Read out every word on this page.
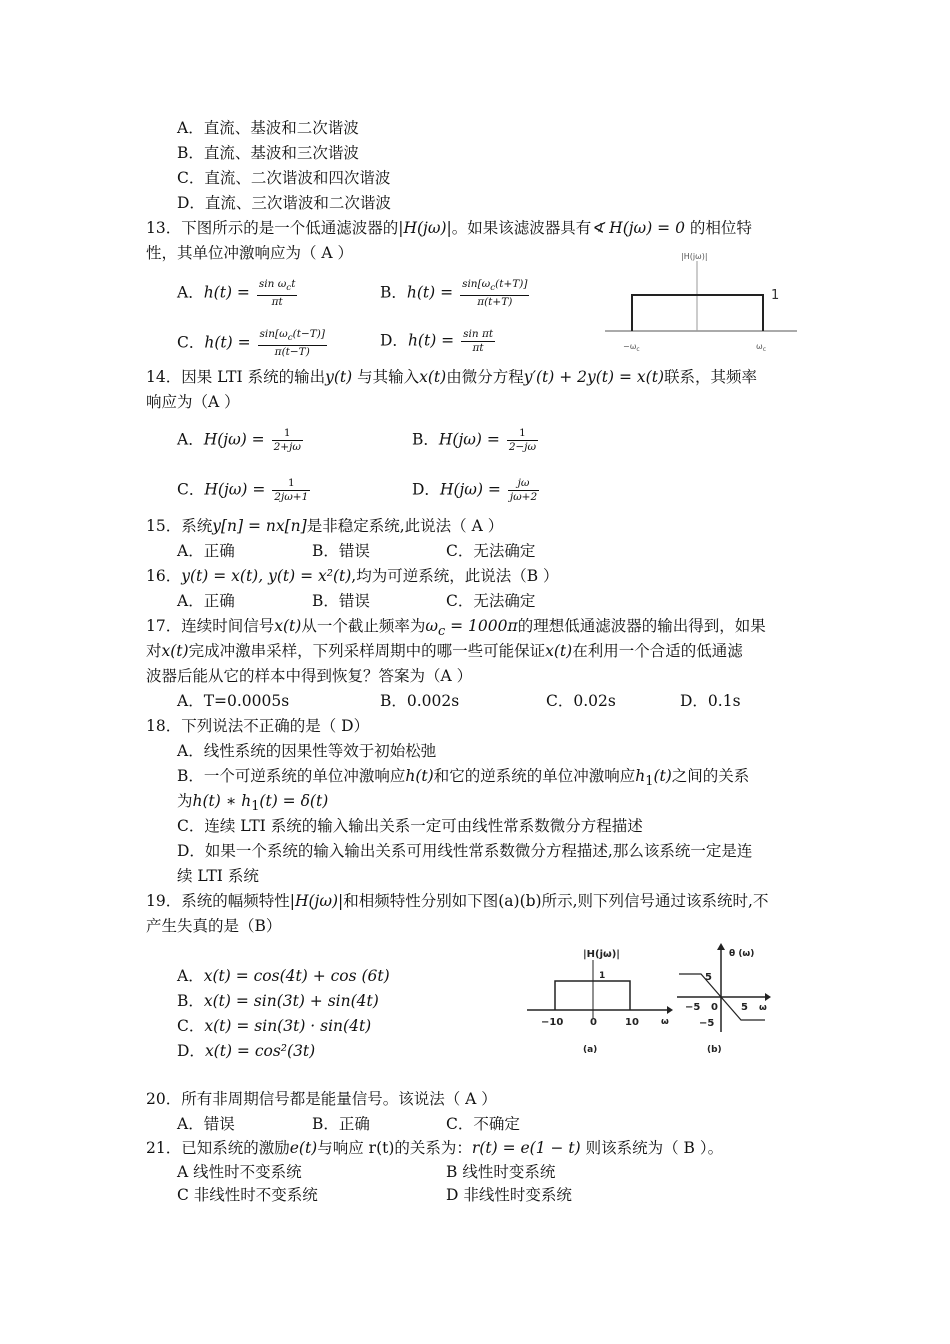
A．直流、基波和二次谐波
B．直流、基波和三次谐波
C．直流、二次谐波和四次谐波
D．直流、三次谐波和二次谐波
13．下图所示的是一个低通滤波器的|H(jω)|。如果该滤波器具有∢ H(jω) = 0 的相位特
性，其单位冲激响应为（ A ）
A．$h(t) = \frac{\sin \omega_ct}{\pi t}$	B．$h(t) = \frac{\sin[\omega_c(t+T)]}{\pi(t+T)}$
C．$h(t) = \frac{\sin[\omega_c(t-T)]}{\pi(t-T)}$	D．$h(t) = \frac{\text{sin πt}}{\pi t}$
|H(jω)|
1
$-\omega_c$	$\omega_c$
14．因果 LTI 系统的输出y(t) 与其输入x(t)由微分方程y′(t) + 2y(t) = x(t)联系，其频率
响应为（A ）
A．$H(j\omega) = \frac{1}{2+j\omega}$	B．$H(j\omega) = \frac{1}{2-j\omega}$
C．$H(j\omega) = \frac{1}{2j\omega+1}$	D．$H(j\omega) = \frac{j\omega}{j\omega+2}$
15．系统y[n] = nx[n]是非稳定系统,此说法（ A ）
A．正确	B．错误	C．无法确定
16．y(t) = x(t), y(t) = x²(t),均为可逆系统，此说法（B ）
A．正确	B．错误	C．无法确定
17．连续时间信号x(t)从一个截止频率为$\omega_c = 1000\pi$的理想低通滤波器的输出得到，如果
对x(t)完成冲激串采样，下列采样周期中的哪一些可能保证x(t)在利用一个合适的低通滤
波器后能从它的样本中得到恢复？答案为（A ）
A．T=0.0005s	B．0.002s	C．0.02s	D．0.1s
18．下列说法不正确的是（ D）
A．线性系统的因果性等效于初始松弛
B．一个可逆系统的单位冲激响应h(t)和它的逆系统的单位冲激响应$h_1(t)$之间的关系
为h(t) ∗ $h_1(t) = \delta(t)$
C．连续 LTI 系统的输入输出关系一定可由线性常系数微分方程描述
D．如果一个系统的输入输出关系可用线性常系数微分方程描述,那么该系统一定是连
续 LTI 系统
19．系统的幅频特性|H(jω)|和相频特性分别如下图(a)(b)所示,则下列信号通过该系统时,不
产生失真的是（B）
A．x(t) = cos(4t) + cos (6t)
B．x(t) = sin(3t) + sin(4t)
C．x(t) = sin(3t) · sin(4t)
D．x(t) = cos²(3t)
|H(jω)|
1
−10	0	10 ω
(a)
θ (ω)
5
−5
−5 0 5 ω
(b)
20．所有非周期信号都是能量信号。该说法（ A ）
A．错误	B．正确	C．不确定
21．已知系统的激励e(t)与响应 r(t)的关系为：r(t) = e(1 − t) 则该系统为（ B ）。
A 线性时不变系统	B 线性时变系统
C 非线性时不变系统	D 非线性时变系统
